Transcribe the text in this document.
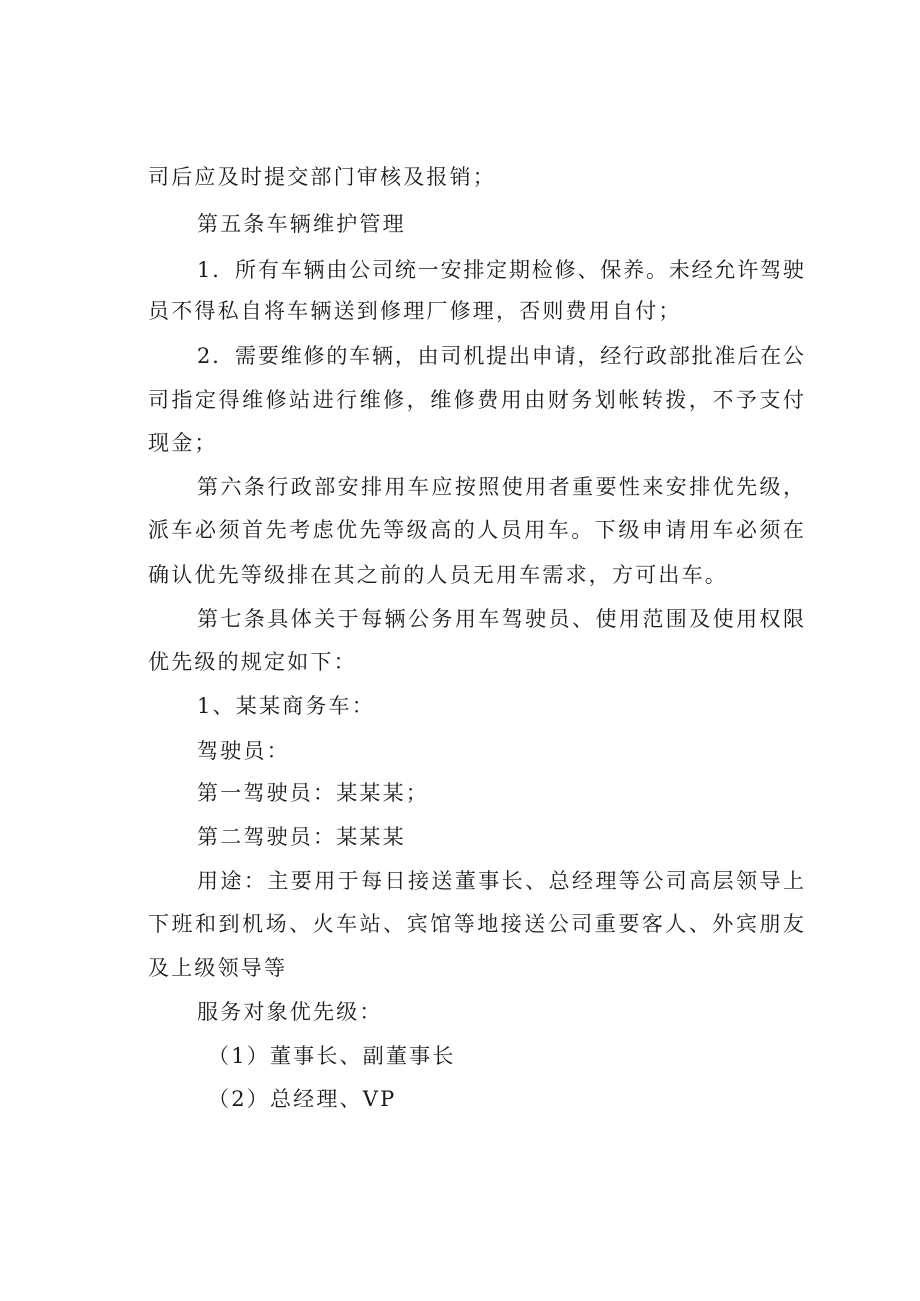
司后应及时提交部门审核及报销；
第五条车辆维护管理
1 ． 所 有 车 辆 由 公 司 统 一 安 排 定 期 检 修 、 保 养 。 未 经 允 许 驾 驶
员不得私自将车辆送到修理厂修理，否则费用自付；
2 ． 需 要 维 修 的 车 辆 ， 由 司 机 提 出 申 请 ， 经 行 政 部 批 准 后 在 公
司 指 定 得 维 修 站 进 行 维 修 ， 维 修 费 用 由 财 务 划 帐 转 拨 ， 不 予 支 付
现金；
第 六 条 行 政 部 安 排 用 车 应 按 照 使 用 者 重 要 性 来 安 排 优 先 级 ，
派 车 必 须 首 先 考 虑 优 先 等 级 高 的 人 员 用 车 。 下 级 申 请 用 车 必 须 在
确认优先等级排在其之前的人员无用车需求，方可出车。
第 七 条 具 体 关 于 每 辆 公 务 用 车 驾 驶 员 、 使 用 范 围 及 使 用 权 限
优先级的规定如下：
1、某某商务车：
驾驶员：
第一驾驶员：某某某；
第二驾驶员：某某某
用 途 ： 主 要 用 于 每 日 接 送 董 事 长 、 总 经 理 等 公 司 高 层 领 导 上
下 班 和 到 机 场 、 火 车 站 、 宾 馆 等 地 接 送 公 司 重 要 客 人 、 外 宾 朋 友
及上级领导等
服务对象优先级：
（1）董事长、副董事长
（2）总经理、VP
